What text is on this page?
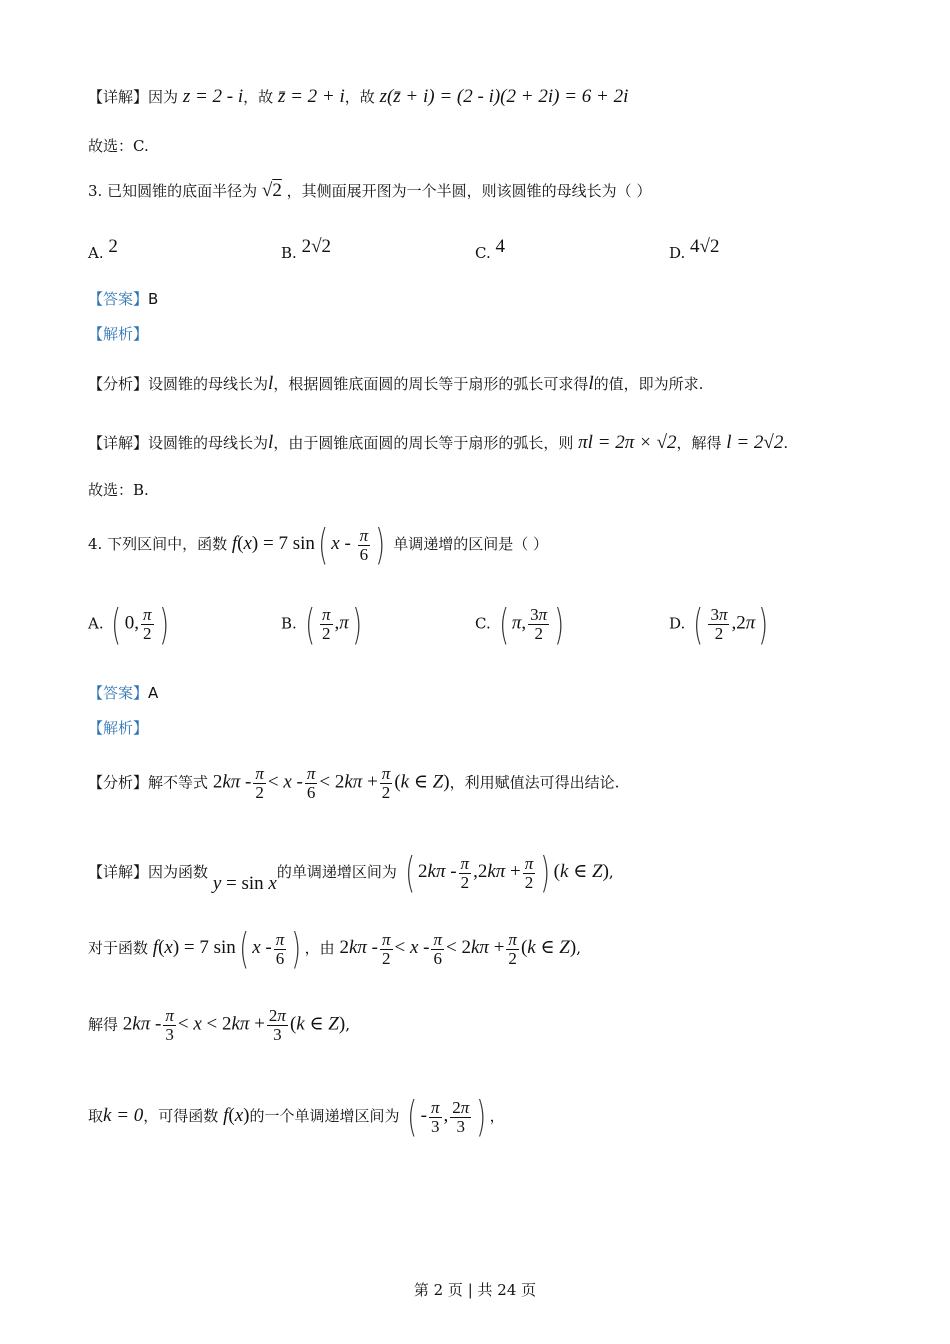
【详解】因为 z = 2 - i，故 z̄ = 2 + i，故 z(z̄ + i) = (2 - i)(2 + 2i) = 6 + 2i
故选：C.
3. 已知圆锥的底面半径为 √2 ，其侧面展开图为一个半圆，则该圆锥的母线长为（ ）
A. 2	B. 2√2	C. 4	D. 4√2
【答案】B
【解析】
【分析】设圆锥的母线长为l，根据圆锥底面圆的周长等于扇形的弧长可求得l的值，即为所求.
【详解】设圆锥的母线长为l，由于圆锥底面圆的周长等于扇形的弧长，则 πl = 2π × √2，解得 l = 2√2.
故选：B.
4. 下列区间中，函数 f(x) = 7 sin( x - $\frac{\pi}{6}$ ) 单调递增的区间是（ ）
A. ( 0, $\frac{\pi}{2}$ )	B. ( $\frac{\pi}{2} ,\pi$)	C. ( π, $\frac{3\pi}{2}$ )	D. ( $\frac{3\pi}{2} ,2\pi$)
【答案】A
【解析】
【分析】解不等式 $2k\pi - \frac{\pi}{2} < x - \frac{\pi}{6} < 2k\pi + \frac{\pi}{2} (k$ ∈ Z)，利用赋值法可得出结论.
【详解】因为函数 y = sin x的单调递增区间为 ( $2k\pi - \frac{\pi}{2} ,2k\pi + \frac{\pi}{2}$ ) (k ∈ Z),
对于函数 f(x) = 7 sin( x - $\frac{\pi}{6}$ ) ，由 $2k\pi - \frac{\pi}{2} < x - \frac{\pi}{6} < 2k\pi + \frac{\pi}{2} (k$ ∈ Z),
解得 $2k\pi - \frac{\pi}{3} < x < 2k\pi + \frac{2\pi}{3} (k$ ∈ Z),
取k = 0，可得函数 f(x)的一个单调递增区间为 ( - $\frac{\pi}{3}$ , $\frac{2\pi}{3}$ ) ，
第 2 页 | 共 24 页
